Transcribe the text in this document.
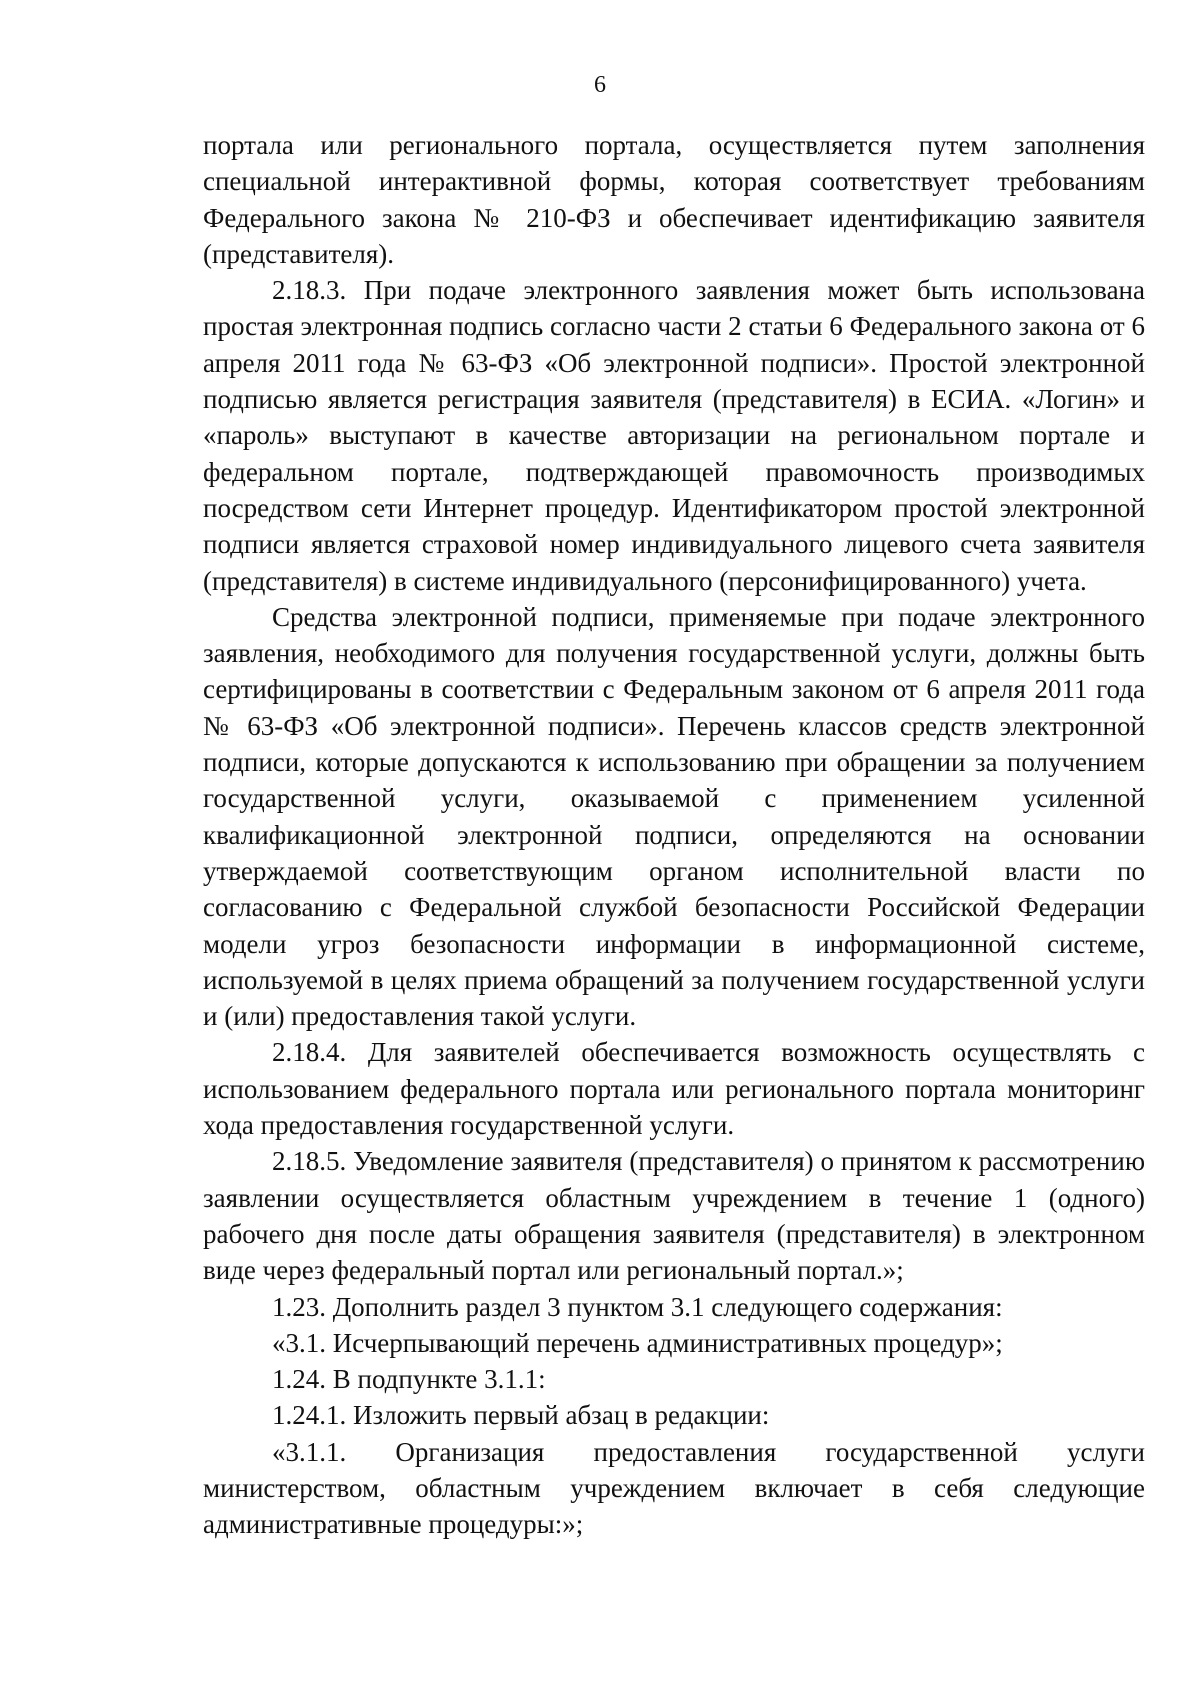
6

портала или регионального портала, осуществляется путем заполнения специальной интерактивной формы, которая соответствует требованиям Федерального закона № 210-ФЗ и обеспечивает идентификацию заявителя (представителя).

2.18.3. При подаче электронного заявления может быть использована простая электронная подпись согласно части 2 статьи 6 Федерального закона от 6 апреля 2011 года № 63-ФЗ «Об электронной подписи». Простой электронной подписью является регистрация заявителя (представителя) в ЕСИА. «Логин» и «пароль» выступают в качестве авторизации на региональном портале и федеральном портале, подтверждающей правомочность производимых посредством сети Интернет процедур. Идентификатором простой электронной подписи является страховой номер индивидуального лицевого счета заявителя (представителя) в системе индивидуального (персонифицированного) учета.

Средства электронной подписи, применяемые при подаче электронного заявления, необходимого для получения государственной услуги, должны быть сертифицированы в соответствии с Федеральным законом от 6 апреля 2011 года № 63-ФЗ «Об электронной подписи». Перечень классов средств электронной подписи, которые допускаются к использованию при обращении за получением государственной услуги, оказываемой с применением усиленной квалификационной электронной подписи, определяются на основании утверждаемой соответствующим органом исполнительной власти по согласованию с Федеральной службой безопасности Российской Федерации модели угроз безопасности информации в информационной системе, используемой в целях приема обращений за получением государственной услуги и (или) предоставления такой услуги.

2.18.4. Для заявителей обеспечивается возможность осуществлять с использованием федерального портала или регионального портала мониторинг хода предоставления государственной услуги.

2.18.5. Уведомление заявителя (представителя) о принятом к рассмотрению заявлении осуществляется областным учреждением в течение 1 (одного) рабочего дня после даты обращения заявителя (представителя) в электронном виде через федеральный портал или региональный портал.»;

1.23. Дополнить раздел 3 пунктом 3.1 следующего содержания:

«3.1. Исчерпывающий перечень административных процедур»;

1.24. В подпункте 3.1.1:

1.24.1. Изложить первый абзац в редакции:

«3.1.1. Организация предоставления государственной услуги министерством, областным учреждением включает в себя следующие административные процедуры:»;
